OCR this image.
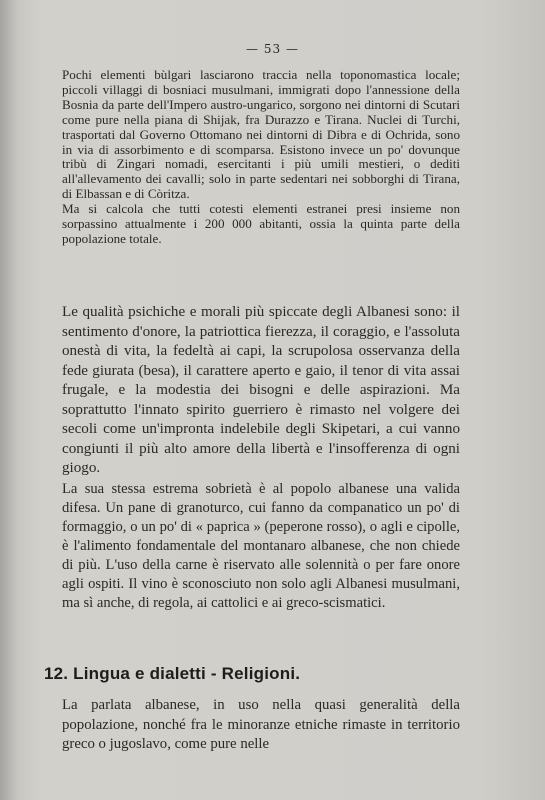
— 53 —

Pochi elementi bùlgari lasciarono traccia nella toponomastica locale; piccoli villaggi di bosniaci musulmani, immigrati dopo l'annessione della Bosnia da parte dell'Impero austro-ungarico, sorgono nei dintorni di Scutari come pure nella piana di Shijak, fra Durazzo e Tirana. Nuclei di Turchi, trasportati dal Governo Ottomano nei dintorni di Dibra e di Ochrida, sono in via di assorbimento e di scomparsa. Esistono invece un po' dovunque tribù di Zingari nomadi, esercitanti i più umili mestieri, o dediti all'allevamento dei cavalli; solo in parte sedentari nei sobborghi di Tirana, di Elbassan e di Còritza.

Ma si calcola che tutti cotesti elementi estranei presi insieme non sorpassino attualmente i 200 000 abitanti, ossia la quinta parte della popolazione totale.

Le qualità psichiche e morali più spiccate degli Albanesi sono: il sentimento d'onore, la patriottica fierezza, il coraggio, e l'assoluta onestà di vita, la fedeltà ai capi, la scrupolosa osservanza della fede giurata (besa), il carattere aperto e gaio, il tenor di vita assai frugale, e la modestia dei bisogni e delle aspirazioni. Ma soprattutto l'innato spirito guerriero è rimasto nel volgere dei secoli come un'impronta indelebile degli Skipetari, a cui vanno congiunti il più alto amore della libertà e l'insofferenza di ogni giogo.

La sua stessa estrema sobrietà è al popolo albanese una valida difesa. Un pane di granoturco, cui fanno da companatico un po' di formaggio, o un po' di « paprica » (peperone rosso), o agli e cipolle, è l'alimento fondamentale del montanaro albanese, che non chiede di più. L'uso della carne è riservato alle solennità o per fare onore agli ospiti. Il vino è sconosciuto non solo agli Albanesi musulmani, ma sì anche, di regola, ai cattolici e ai greco-scismatici.

12. Lingua e dialetti - Religioni.

La parlata albanese, in uso nella quasi generalità della popolazione, nonché fra le minoranze etniche rimaste in territorio greco o jugoslavo, come pure nelle
